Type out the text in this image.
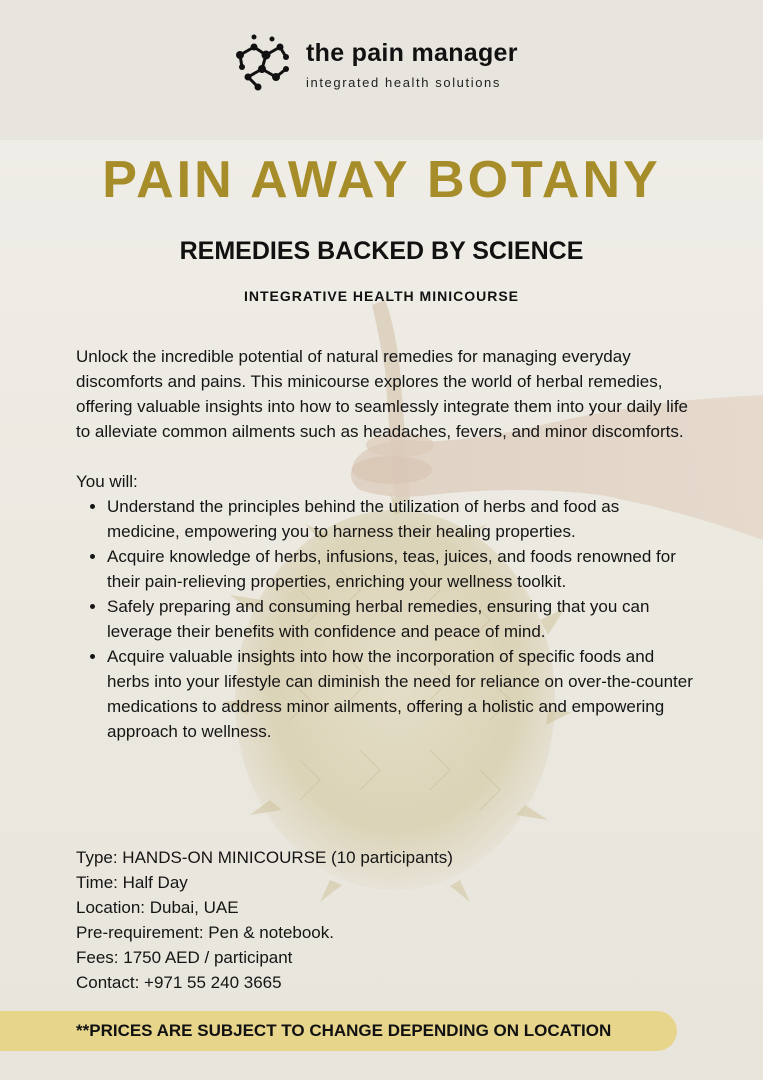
the pain manager
integrated health solutions
PAIN AWAY BOTANY
REMEDIES BACKED BY SCIENCE
INTEGRATIVE HEALTH MINICOURSE

Unlock the incredible potential of natural remedies for managing everyday discomforts and pains. This minicourse explores the world of herbal remedies, offering valuable insights into how to seamlessly integrate them into your daily life to alleviate common ailments such as headaches, fevers, and minor discomforts.

You will:

• Understand the principles behind the utilization of herbs and food as medicine, empowering you to harness their healing properties.
• Acquire knowledge of herbs, infusions, teas, juices, and foods renowned for their pain-relieving properties, enriching your wellness toolkit.
• Safely preparing and consuming herbal remedies, ensuring that you can leverage their benefits with confidence and peace of mind.
• Acquire valuable insights into how the incorporation of specific foods and herbs into your lifestyle can diminish the need for reliance on over-the-counter medications to address minor ailments, offering a holistic and empowering approach to wellness.
Type: HANDS-ON MINICOURSE (10 participants)
Time: Half Day
Location: Dubai, UAE
Pre-requirement: Pen & notebook.
Fees: 1750 AED / participant
Contact: +971 55 240 3665
**PRICES ARE SUBJECT TO CHANGE DEPENDING ON LOCATION
